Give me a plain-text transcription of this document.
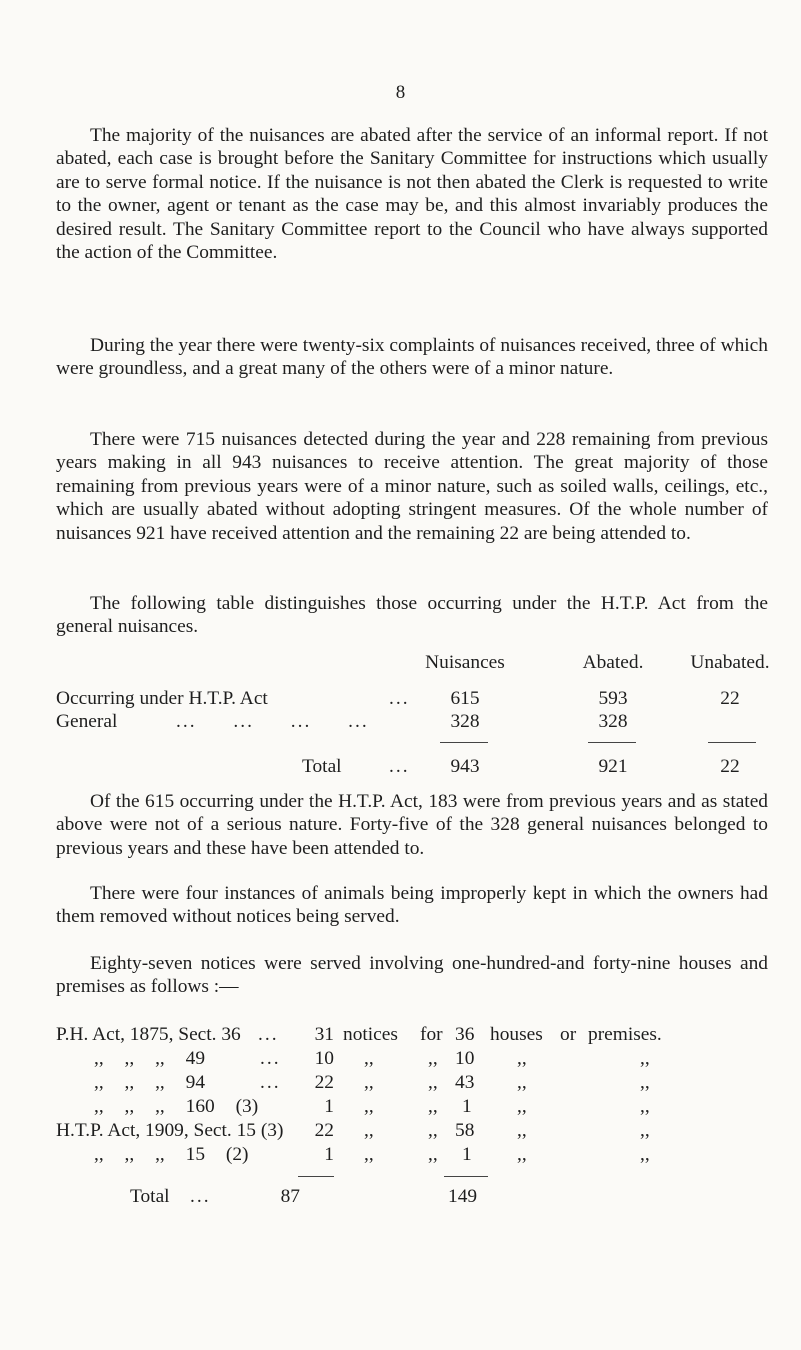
8

The majority of the nuisances are abated after the service of an informal report. If not abated, each case is brought before the Sanitary Committee for instructions which usually are to serve formal notice. If the nuisance is not then abated the Clerk is requested to write to the owner, agent or tenant as the case may be, and this almost invariably produces the desired result. The Sanitary Committee report to the Council who have always supported the action of the Committee.

During the year there were twenty-six complaints of nuisances received, three of which were groundless, and a great many of the others were of a minor nature.

There were 715 nuisances detected during the year and 228 remaining from previous years making in all 943 nuisances to receive attention. The great majority of those remaining from previous years were of a minor nature, such as soiled walls, ceilings, etc., which are usually abated without adopting stringent measures. Of the whole number of nuisances 921 have received attention and the remaining 22 are being attended to.

The following table distinguishes those occurring under the H.T.P. Act from the general nuisances.

Nuisances	Abated.	Unabated.
Occurring under H.T.P. Act	...	615	593	22
General	... ... ... ...	328	328
Total ...	943	921	22

Of the 615 occurring under the H.T.P. Act, 183 were from previous years and as stated above were not of a serious nature. Forty-five of the 328 general nuisances belonged to previous years and these have been attended to.

There were four instances of animals being improperly kept in which the owners had them removed without notices being served.

Eighty-seven notices were served involving one-hundred-and forty-nine houses and premises as follows :—

P.H. Act, 1875, Sect. 36 ...	31 notices for 36 houses or premises.
,, ,, ,, 49	...	10 ,,	,, 10 ,,	,,
,, ,, ,, 94	...	22 ,,	,, 43 ,,	,,
,, ,, ,, 160 (3)	1 ,,	,, 1 ,,	,,
H.T.P. Act, 1909, Sect. 15 (3)	22 ,,	,, 58 ,,	,,
,, ,, ,, 15 (2)	1 ,,	,, 1 ,,	,,
Total ...	87	149
